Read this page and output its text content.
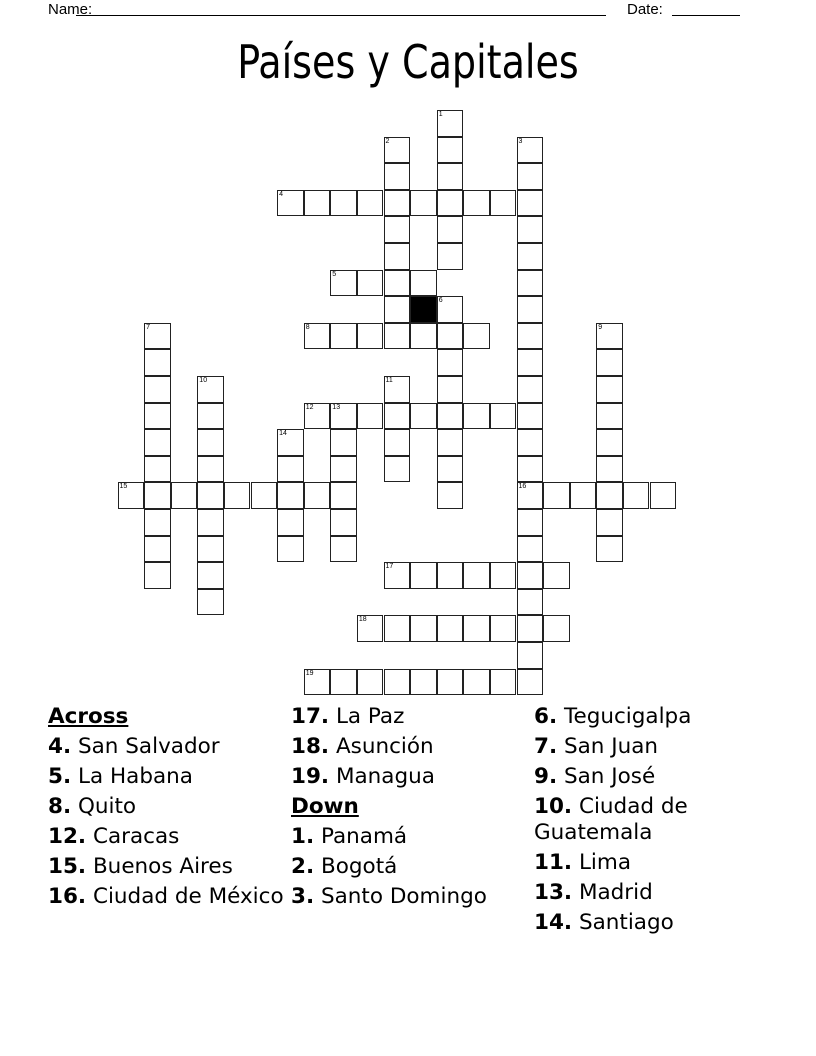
Name:	Date:
Países y Capitales
1
2	3
16
4
5
6
7	8	9
10	11
12	13
14
15
17
18
19
Across
4. San Salvador
5. La Habana
8. Quito
12. Caracas
15. Buenos Aires
16. Ciudad de México
17. La Paz
18. Asunción
19. Managua
Down
1. Panamá
2. Bogotá
3. Santo Domingo
6. Tegucigalpa
7. San Juan
9. San José
10. Ciudad de Guatemala
11. Lima
13. Madrid
14. Santiago
